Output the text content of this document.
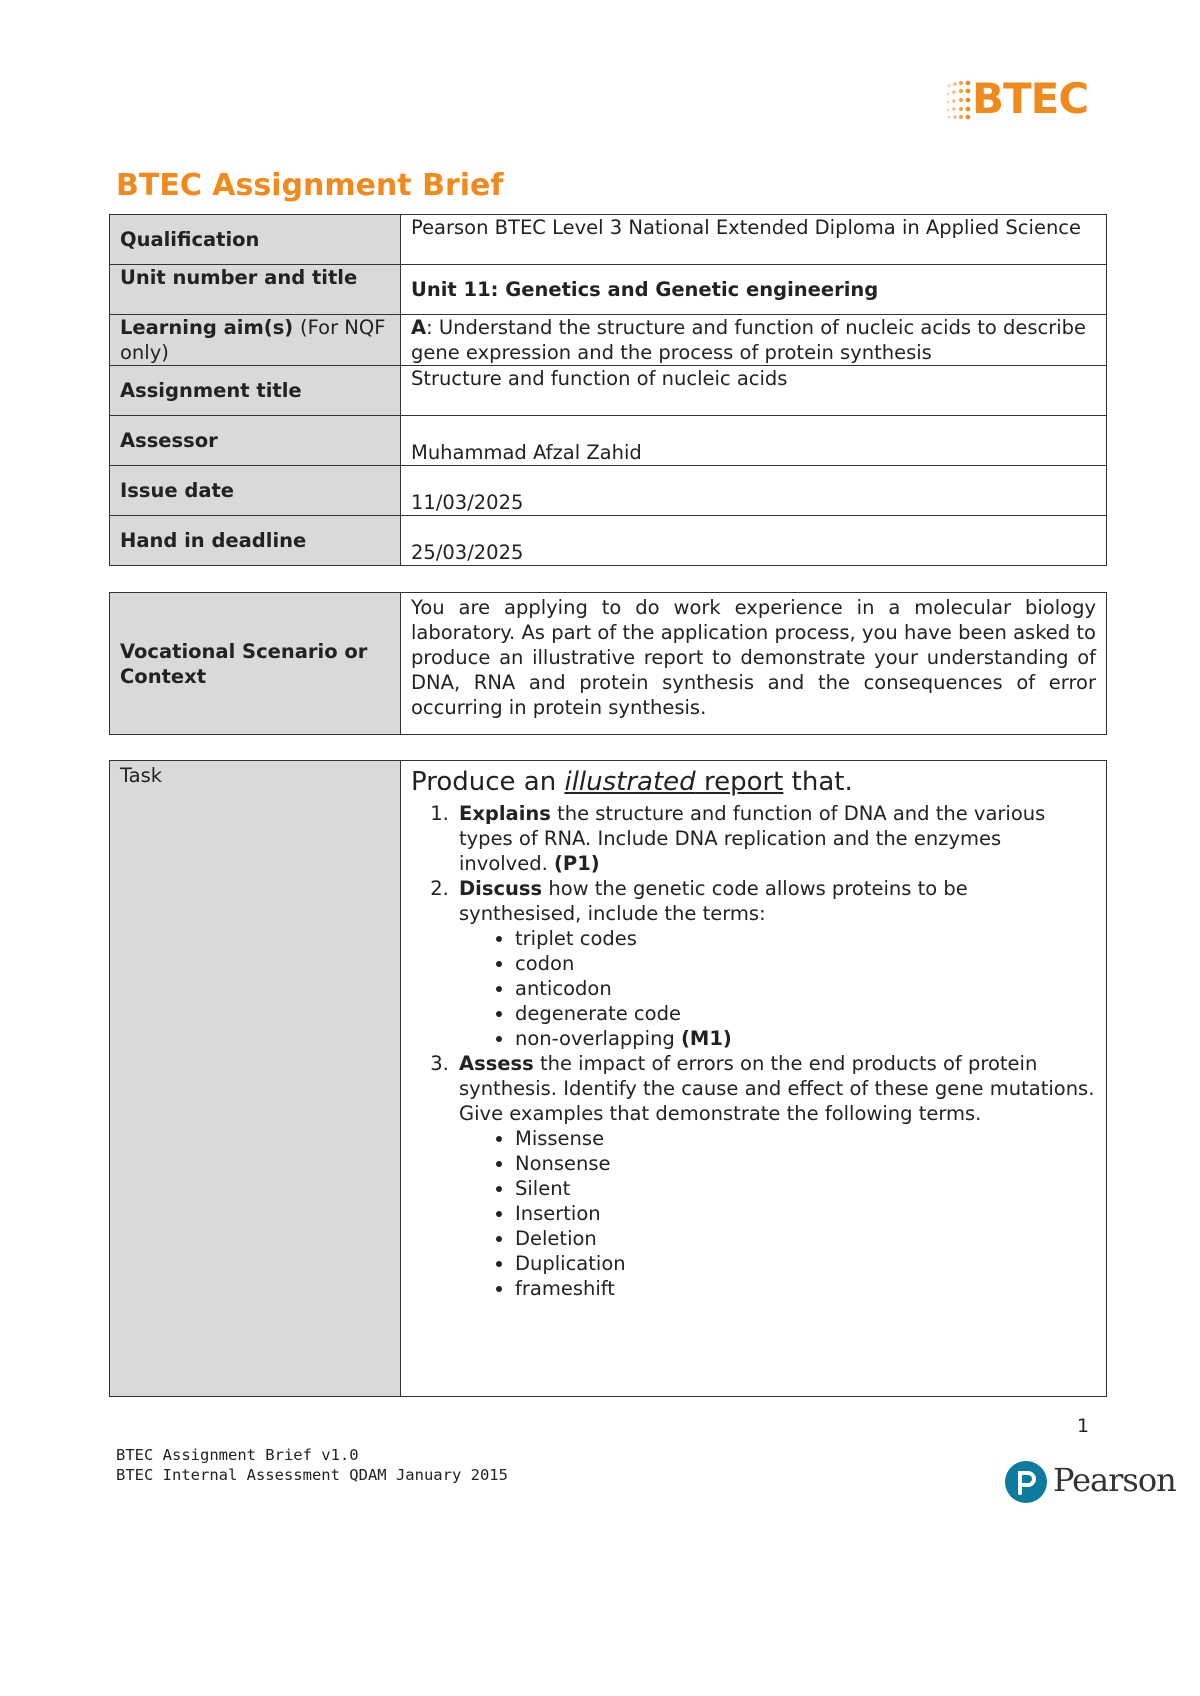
BTEC
BTEC Assignment Brief
Qualification	Pearson BTEC Level 3 National Extended Diploma in Applied Science
Unit number and title	Unit 11: Genetics and Genetic engineering
Learning aim(s) (For NQF only)	A: Understand the structure and function of nucleic acids to describe gene expression and the process of protein synthesis
Assignment title	Structure and function of nucleic acids
Assessor	Muhammad Afzal Zahid
Issue date	11/03/2025
Hand in deadline	25/03/2025
Vocational Scenario or Context	You are applying to do work experience in a molecular biology laboratory. As part of the application process, you have been asked to produce an illustrative report to demonstrate your understanding of DNA, RNA and protein synthesis and the consequences of error occurring in protein synthesis.
Task	Produce an illustrated report that.
1. Explains the structure and function of DNA and the various types of RNA. Include DNA replication and the enzymes involved. (P1)
2. Discuss how the genetic code allows proteins to be synthesised, include the terms:
• triplet codes
• codon
• anticodon
• degenerate code
• non-overlapping (M1)
3. Assess the impact of errors on the end products of protein synthesis. Identify the cause and effect of these gene mutations. Give examples that demonstrate the following terms.
• Missense
• Nonsense
• Silent
• Insertion
• Deletion
• Duplication
• frameshift
1
BTEC Assignment Brief v1.0
BTEC Internal Assessment QDAM January 2015	Pearson
